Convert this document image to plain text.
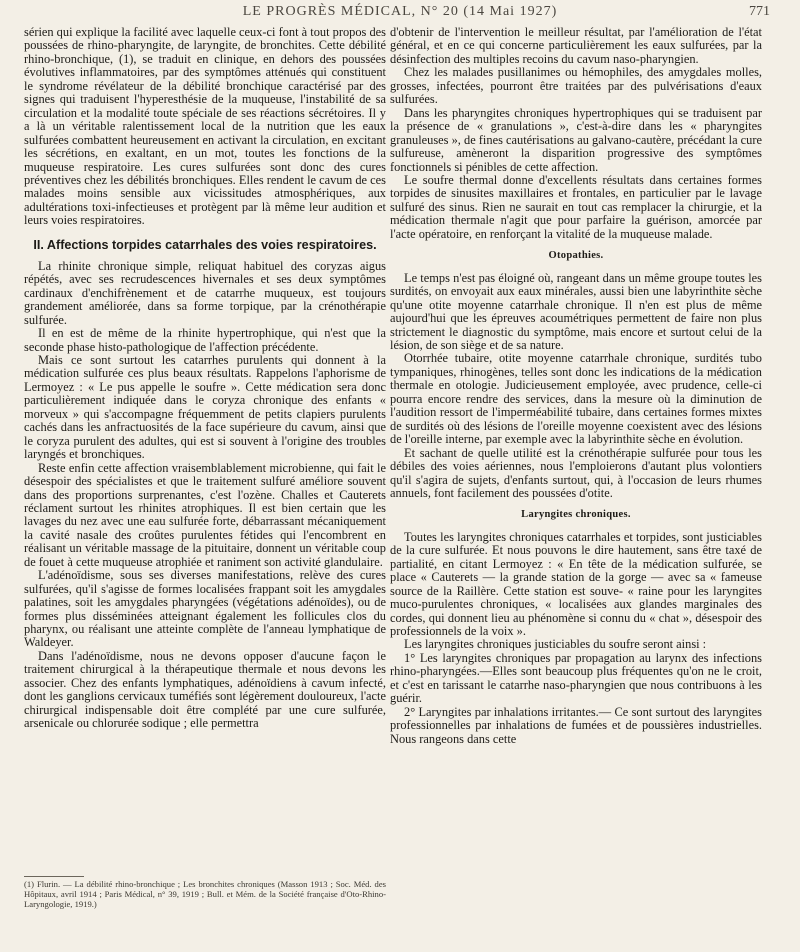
LE PROGRÈS MÉDICAL, N° 20 (14 Mai 1927)	771

sérien qui explique la facilité avec laquelle ceux-ci font à tout propos des poussées de rhino-pharyngite, de laryngite, de bronchites. Cette débilité rhino-bronchique, (1), se traduit en clinique, en dehors des poussées évolutives inflammatoires, par des symptômes atténués qui constituent le syndrome révélateur de la débilité bronchique caractérisé par des signes qui traduisent l'hyperesthésie de la muqueuse, l'instabilité de sa circulation et la modalité toute spéciale de ses réactions sécrétoires. Il y a là un véritable ralentissement local de la nutrition que les eaux sulfurées combattent heureusement en activant la circulation, en excitant les sécrétions, en exaltant, en un mot, toutes les fonctions de la muqueuse respiratoire. Les cures sulfurées sont donc des cures préventives chez les débilités bronchiques. Elles rendent le cavum de ces malades moins sensible aux vicissitudes atmosphériques, aux adultérations toxi-infectieuses et protègent par là même leur audition et leurs voies respiratoires.

II. Affections torpides catarrhales des voies respiratoires.

La rhinite chronique simple, reliquat habituel des coryzas aigus répétés, avec ses recrudescences hivernales et ses deux symptômes cardinaux d'enchifrènement et de catarrhe muqueux, est toujours grandement améliorée, dans sa forme torpique, par la crénothérapie sulfurée.

Il en est de même de la rhinite hypertrophique, qui n'est que la seconde phase histo-pathologique de l'affection précédente.

Mais ce sont surtout les catarrhes purulents qui donnent à la médication sulfurée ces plus beaux résultats. Rappelons l'aphorisme de Lermoyez : « Le pus appelle le soufre ». Cette médication sera donc particulièrement indiquée dans le coryza chronique des enfants « morveux » qui s'accompagne fréquemment de petits clapiers purulents cachés dans les anfractuosités de la face supérieure du cavum, ainsi que le coryza purulent des adultes, qui est si souvent à l'origine des troubles laryngés et bronchiques.

Reste enfin cette affection vraisemblablement microbienne, qui fait le désespoir des spécialistes et que le traitement sulfuré améliore souvent dans des proportions surprenantes, c'est l'ozène. Challes et Cauterets réclament surtout les rhinites atrophiques. Il est bien certain que les lavages du nez avec une eau sulfurée forte, débarrassant mécaniquement la cavité nasale des croûtes purulentes fétides qui l'encombrent en réalisant un véritable massage de la pituitaire, donnent un véritable coup de fouet à cette muqueuse atrophiée et raniment son activité glandulaire.

L'adénoïdisme, sous ses diverses manifestations, relève des cures sulfurées, qu'il s'agisse de formes localisées frappant soit les amygdales palatines, soit les amygdales pharyngées (végétations adénoïdes), ou de formes plus disséminées atteignant également les follicules clos du pharynx, ou réalisant une atteinte complète de l'anneau lymphatique de Waldeyer.

Dans l'adénoïdisme, nous ne devons opposer d'aucune façon le traitement chirurgical à la thérapeutique thermale et nous devons les associer. Chez des enfants lymphatiques, adénoïdiens à cavum infecté, dont les ganglions cervicaux tuméfiés sont légèrement douloureux, l'acte chirurgical indispensable doit être complété par une cure sulfurée, arsenicale ou chlorurée sodique ; elle permettra

d'obtenir de l'intervention le meilleur résultat, par l'amélioration de l'état général, et en ce qui concerne particulièrement les eaux sulfurées, par la désinfection des multiples recoins du cavum naso-pharyngien.

Chez les malades pusillanimes ou hémophiles, des amygdales molles, grosses, infectées, pourront être traitées par des pulvérisations d'eaux sulfurées.

Dans les pharyngites chroniques hypertrophiques qui se traduisent par la présence de « granulations », c'est-à-dire dans les « pharyngites granuleuses », de fines cautérisations au galvano-cautère, précédant la cure sulfureuse, amèneront la disparition progressive des symptômes fonctionnels si pénibles de cette affection.

Le soufre thermal donne d'excellents résultats dans certaines formes torpides de sinusites maxillaires et frontales, en particulier par le lavage sulfuré des sinus. Rien ne saurait en tout cas remplacer la chirurgie, et la médication thermale n'agit que pour parfaire la guérison, amorcée par l'acte opératoire, en renforçant la vitalité de la muqueuse malade.

Otopathies.

Le temps n'est pas éloigné où, rangeant dans un même groupe toutes les surdités, on envoyait aux eaux minérales, aussi bien une labyrinthite sèche qu'une otite moyenne catarrhale chronique. Il n'en est plus de même aujourd'hui que les épreuves acoumétriques permettent de faire non plus strictement le diagnostic du symptôme, mais encore et surtout celui de la lésion, de son siège et de sa nature.

Otorrhée tubaire, otite moyenne catarrhale chronique, surdités tubo tympaniques, rhinogènes, telles sont donc les indications de la médication thermale en otologie. Judicieusement employée, avec prudence, celle-ci pourra encore rendre des services, dans la mesure où la diminution de l'audition ressort de l'imperméabilité tubaire, dans certaines formes mixtes de surdités où des lésions de l'oreille moyenne coexistent avec des lésions de l'oreille interne, par exemple avec la labyrinthite sèche en évolution.

Et sachant de quelle utilité est la crénothérapie sulfurée pour tous les débiles des voies aériennes, nous l'emploierons d'autant plus volontiers qu'il s'agira de sujets, d'enfants surtout, qui, à l'occasion de leurs rhumes annuels, font facilement des poussées d'otite.

Laryngites chroniques.

Toutes les laryngites chroniques catarrhales et torpides, sont justiciables de la cure sulfurée. Et nous pouvons le dire hautement, sans être taxé de partialité, en citant Lermoyez : « En tête de la médication sulfurée, se place « Cauterets — la grande station de la gorge — avec sa « fameuse source de la Raillère. Cette station est souve- « raine pour les laryngites muco-purulentes chroniques, « localisées aux glandes marginales des cordes, qui donnent lieu au phénomène si connu du « chat », désespoir des professionnels de la voix ».

Les laryngites chroniques justiciables du soufre seront ainsi :

1° Les laryngites chroniques par propagation au larynx des infections rhino-pharyngées.—Elles sont beaucoup plus fréquentes qu'on ne le croit, et c'est en tarissant le catarrhe naso-pharyngien que nous contribuons à les guérir.

2° Laryngites par inhalations irritantes.— Ce sont surtout des laryngites professionnelles par inhalations de fumées et de poussières industrielles. Nous rangeons dans cette

(1) Flurin. — La débilité rhino-bronchique ; Les bronchites chroniques (Masson 1913 ; Soc. Méd. des Hôpitaux, avril 1914 ; Paris Médical, n° 39, 1919 ; Bull. et Mém. de la Société française d'Oto-Rhino-Laryngologie, 1919.)
